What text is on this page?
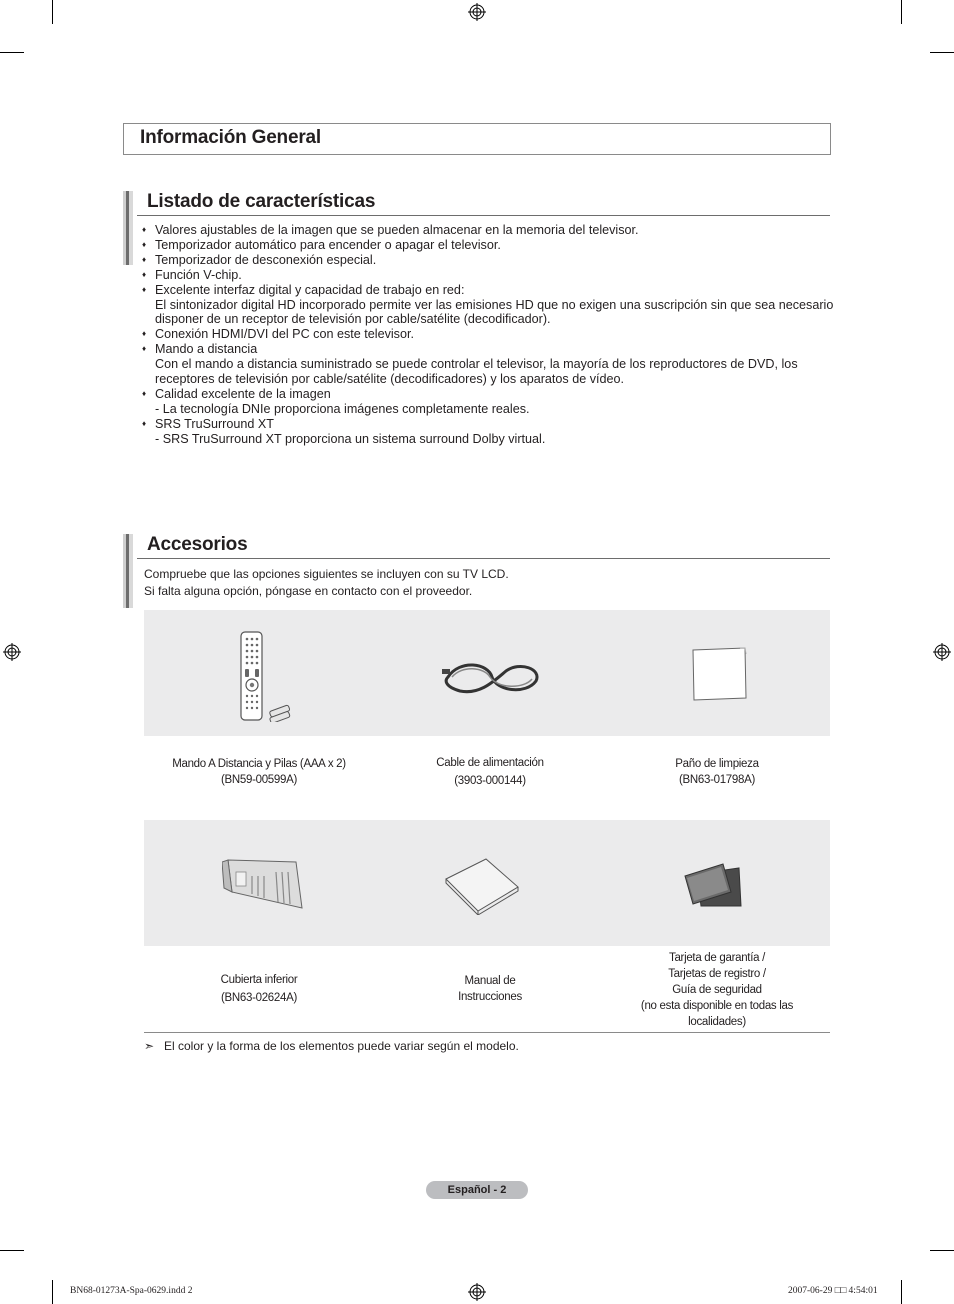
Información General
Listado de características
♦ Valores ajustables de la imagen que se pueden almacenar en la memoria del televisor.
♦ Temporizador automático para encender o apagar el televisor.
♦ Temporizador de desconexión especial.
♦ Función V-chip.
♦ Excelente interfaz digital y capacidad de trabajo en red:
El sintonizador digital HD incorporado permite ver las emisiones HD que no exigen una suscripción sin que sea necesario disponer de un receptor de televisión por cable/satélite (decodificador).
♦ Conexión HDMI/DVI del PC con este televisor.
♦ Mando a distancia
Con el mando a distancia suministrado se puede controlar el televisor, la mayoría de los reproductores de DVD, los receptores de televisión por cable/satélite (decodificadores) y los aparatos de vídeo.
♦ Calidad excelente de la imagen
- La tecnología DNIe proporciona imágenes completamente reales.
♦ SRS TruSurround XT
- SRS TruSurround XT proporciona un sistema surround Dolby virtual.
Accesorios
Compruebe que las opciones siguientes se incluyen con su TV LCD.
Si falta alguna opción, póngase en contacto con el proveedor.
Mando A Distancia y Pilas (AAA x 2)
(BN59-00599A)
Cable de alimentación
(3903-000144)
Paño de limpieza
(BN63-01798A)
Cubierta inferior
(BN63-02624A)
Manual de
Instrucciones
Tarjeta de garantía /
Tarjetas de registro /
Guía de seguridad
(no esta disponible en todas las
localidades)
➣ El color y la forma de los elementos puede variar según el modelo.
Español - 2
BN68-01273A-Spa-0629.indd 2	2007-06-29 □□ 4:54:01
